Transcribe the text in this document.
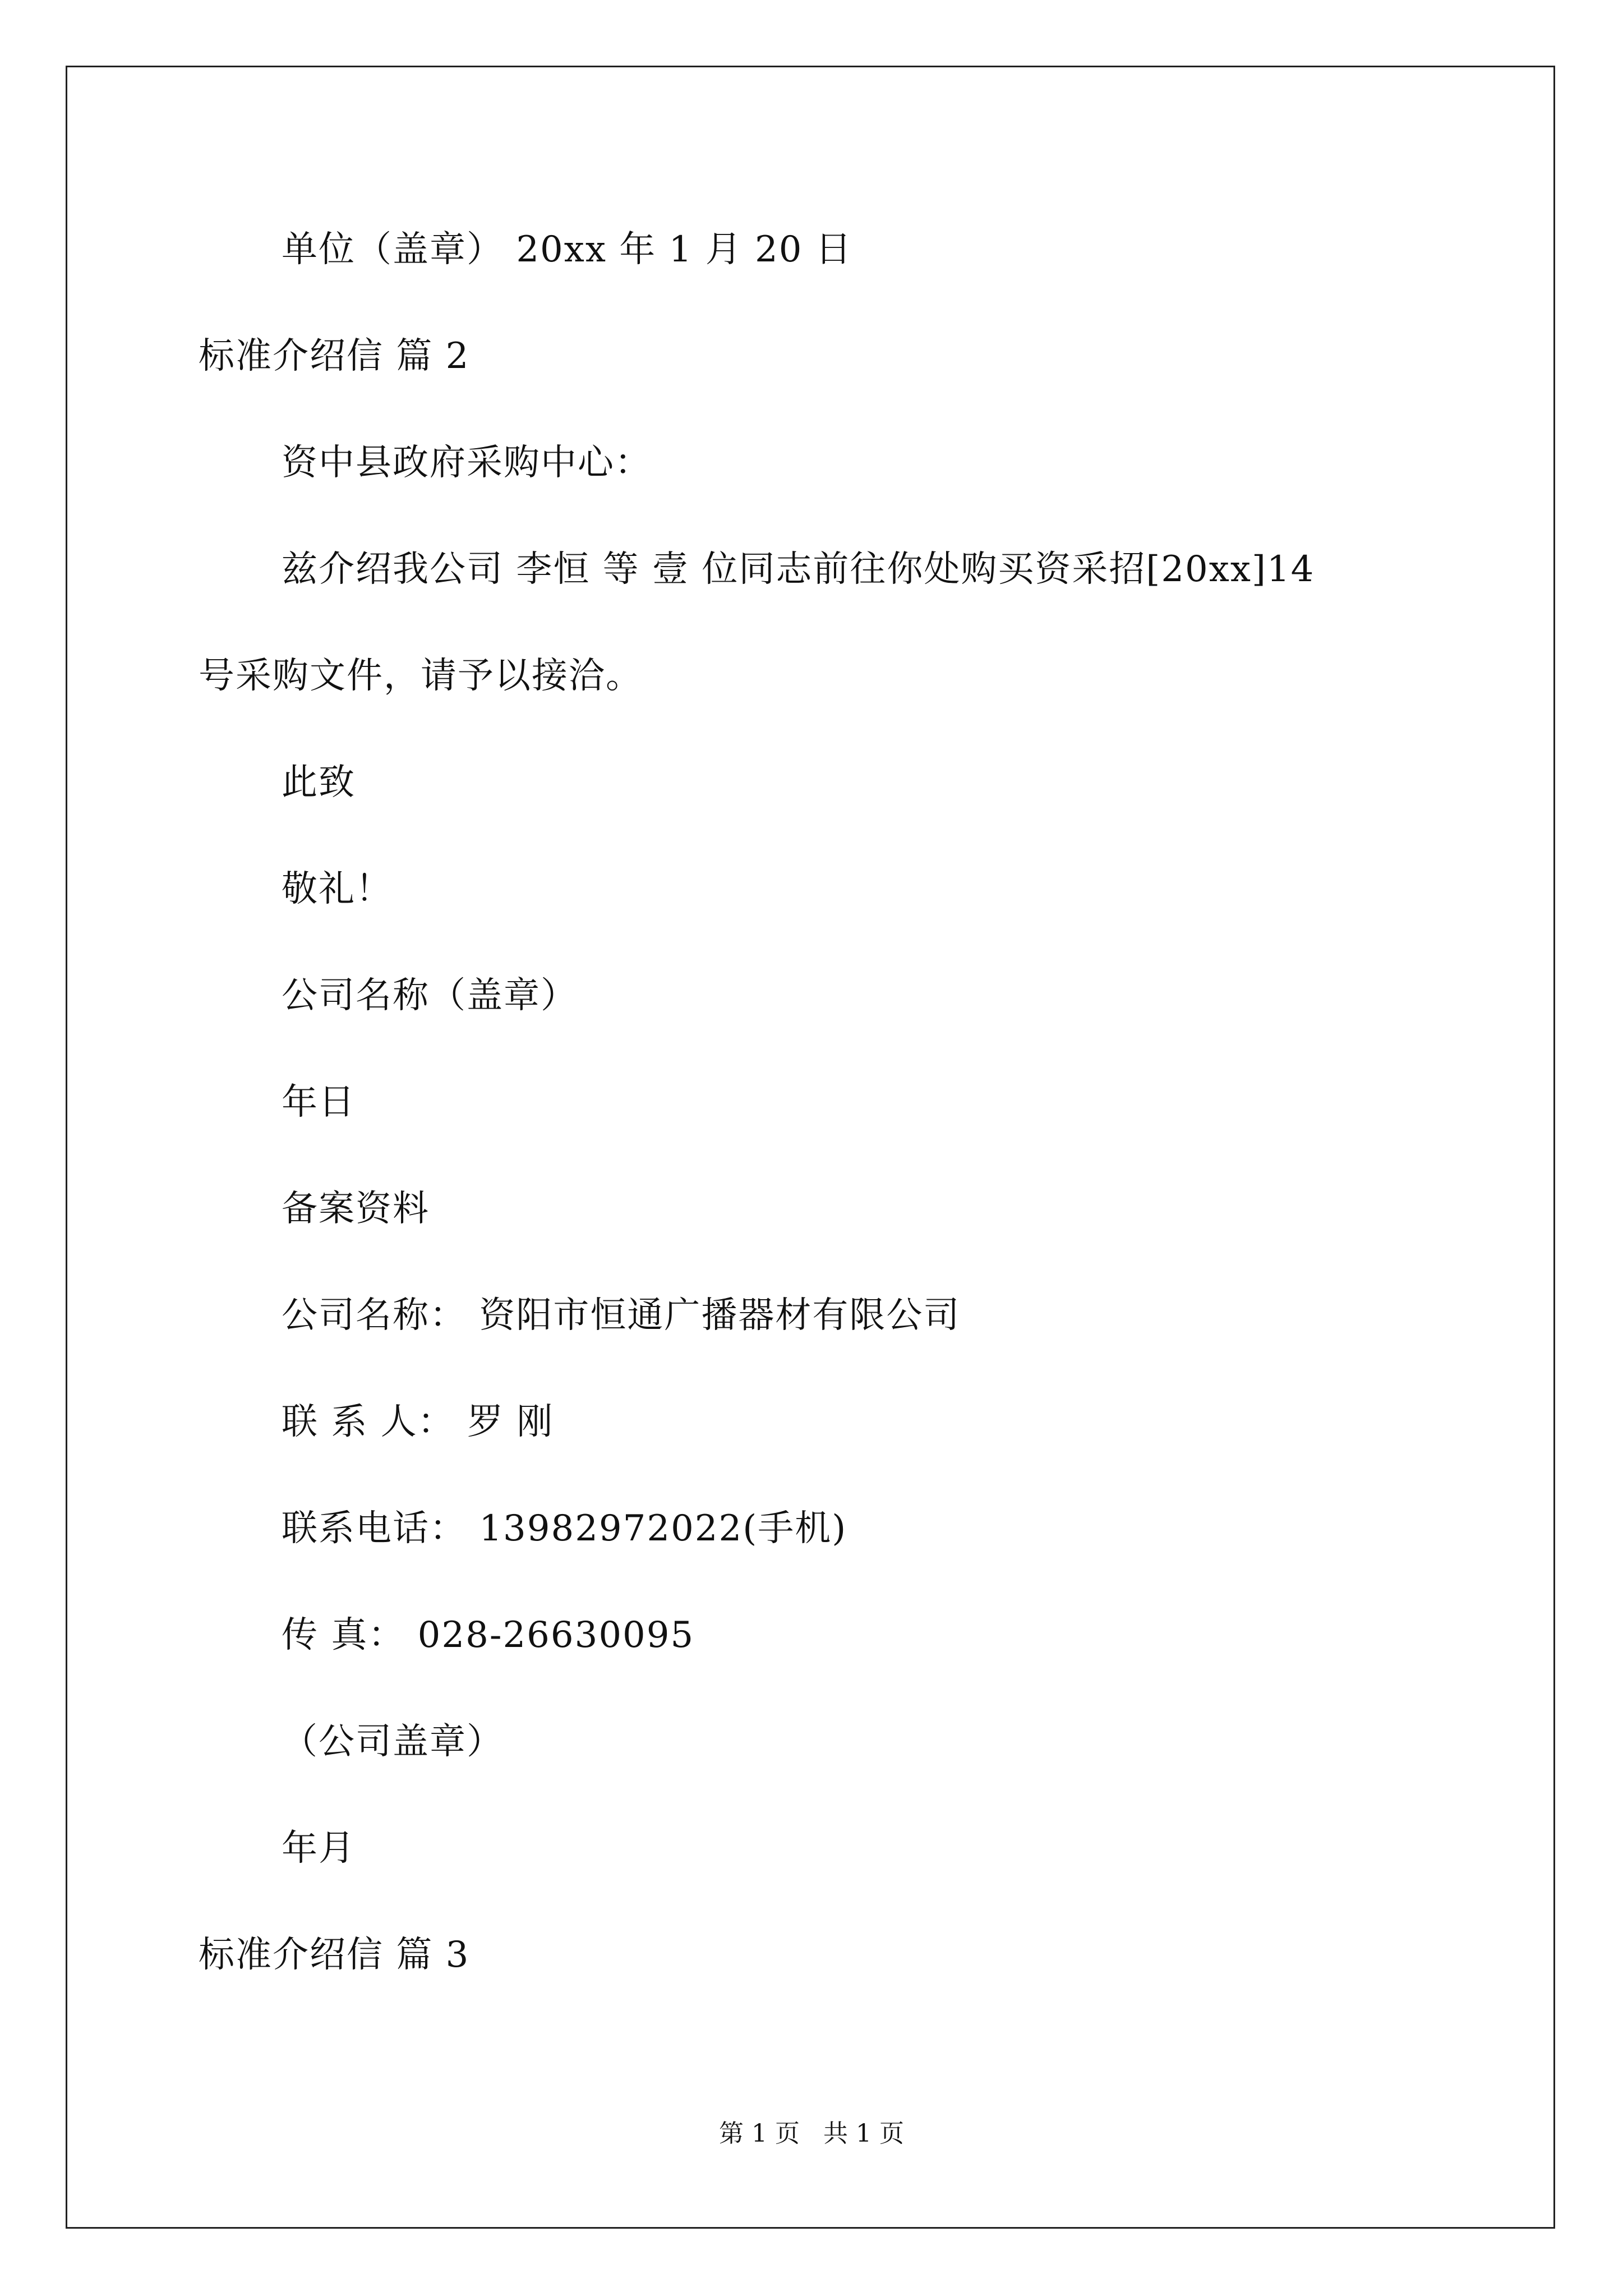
单位（盖章） 20xx 年 1 月 20 日
标准介绍信 篇 2
资中县政府采购中心：
兹介绍我公司 李恒 等 壹 位同志前往你处购买资采招[20xx]14
号采购文件，请予以接洽。
此致
敬礼！
公司名称（盖章）
年日
备案资料
公司名称： 资阳市恒通广播器材有限公司
联 系 人： 罗 刚
联系电话： 13982972022(手机)
传 真： 028-26630095
（公司盖章）
年月
标准介绍信 篇 3
第 1 页   共 1 页
